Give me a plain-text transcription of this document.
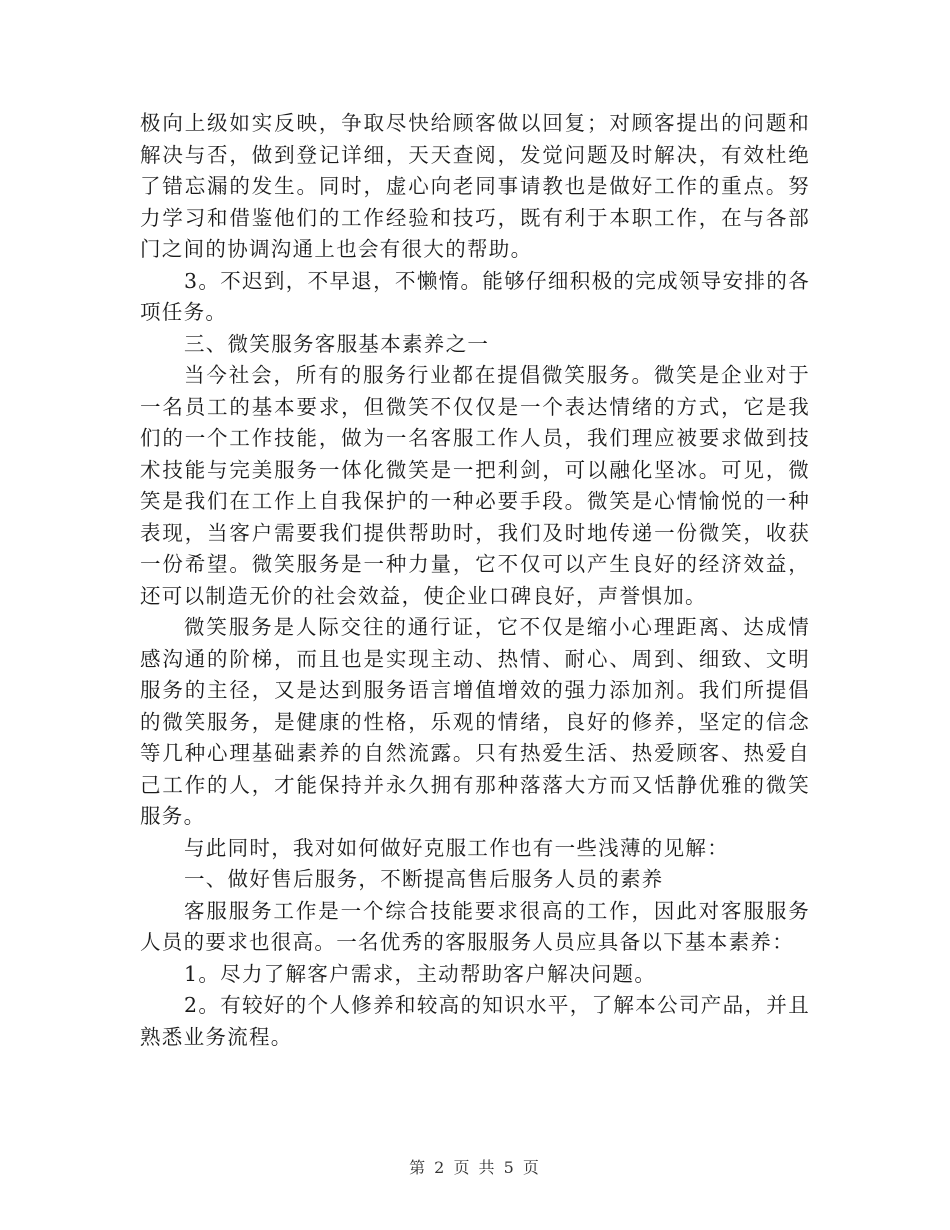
极向上级如实反映，争取尽快给顾客做以回复；对顾客提出的问题和解决与否，做到登记详细，天天查阅，发觉问题及时解决，有效杜绝了错忘漏的发生。同时，虚心向老同事请教也是做好工作的重点。努力学习和借鉴他们的工作经验和技巧，既有利于本职工作，在与各部门之间的协调沟通上也会有很大的帮助。

3。不迟到，不早退，不懒惰。能够仔细积极的完成领导安排的各项任务。

三、微笑服务客服基本素养之一

当今社会，所有的服务行业都在提倡微笑服务。微笑是企业对于一名员工的基本要求，但微笑不仅仅是一个表达情绪的方式，它是我们的一个工作技能，做为一名客服工作人员，我们理应被要求做到技术技能与完美服务一体化微笑是一把利剑，可以融化坚冰。可见，微笑是我们在工作上自我保护的一种必要手段。微笑是心情愉悦的一种表现，当客户需要我们提供帮助时，我们及时地传递一份微笑，收获一份希望。微笑服务是一种力量，它不仅可以产生良好的经济效益，还可以制造无价的社会效益，使企业口碑良好，声誉惧加。

微笑服务是人际交往的通行证，它不仅是缩小心理距离、达成情感沟通的阶梯，而且也是实现主动、热情、耐心、周到、细致、文明服务的主径，又是达到服务语言增值增效的强力添加剂。我们所提倡的微笑服务，是健康的性格，乐观的情绪，良好的修养，坚定的信念等几种心理基础素养的自然流露。只有热爱生活、热爱顾客、热爱自己工作的人，才能保持并永久拥有那种落落大方而又恬静优雅的微笑服务。

与此同时，我对如何做好克服工作也有一些浅薄的见解：

一、做好售后服务，不断提高售后服务人员的素养

客服服务工作是一个综合技能要求很高的工作，因此对客服服务人员的要求也很高。一名优秀的客服服务人员应具备以下基本素养：

1。尽力了解客户需求，主动帮助客户解决问题。

2。有较好的个人修养和较高的知识水平，了解本公司产品，并且熟悉业务流程。

第 2 页 共 5 页
